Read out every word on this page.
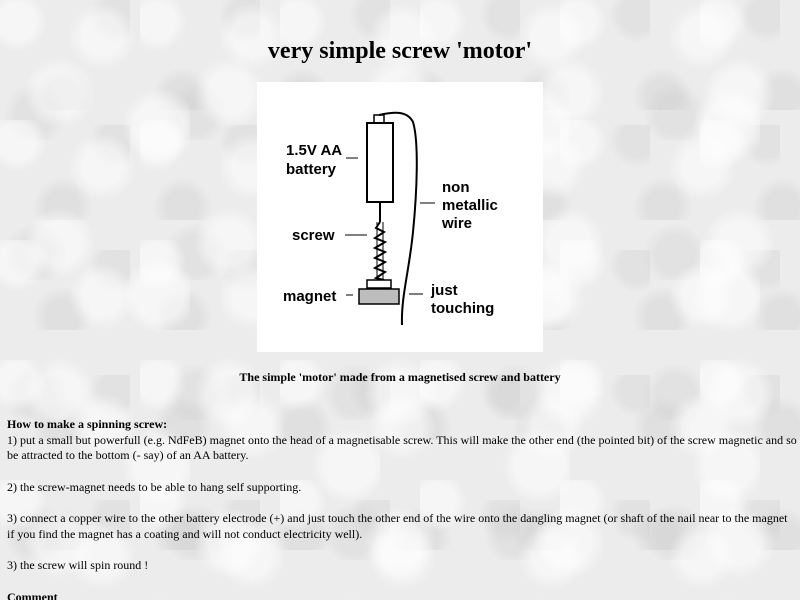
very simple screw 'motor'
1.5V AA
battery
non
metallic
wire
screw
magnet	just
touching

The simple 'motor' made from a magnetised screw and battery

How to make a spinning screw:
1) put a small but powerfull (e.g. NdFeB) magnet onto the head of a magnetisable screw. This will make the other end (the pointed bit) of the screw magnetic and so be attracted to the bottom (- say) of an AA battery.

2) the screw-magnet needs to be able to hang self supporting.

3) connect a copper wire to the other battery electrode (+) and just touch the other end of the wire onto the dangling magnet (or shaft of the nail near to the magnet if you find the magnet has a coating and will not conduct electricity well).

3) the screw will spin round !

Comment
